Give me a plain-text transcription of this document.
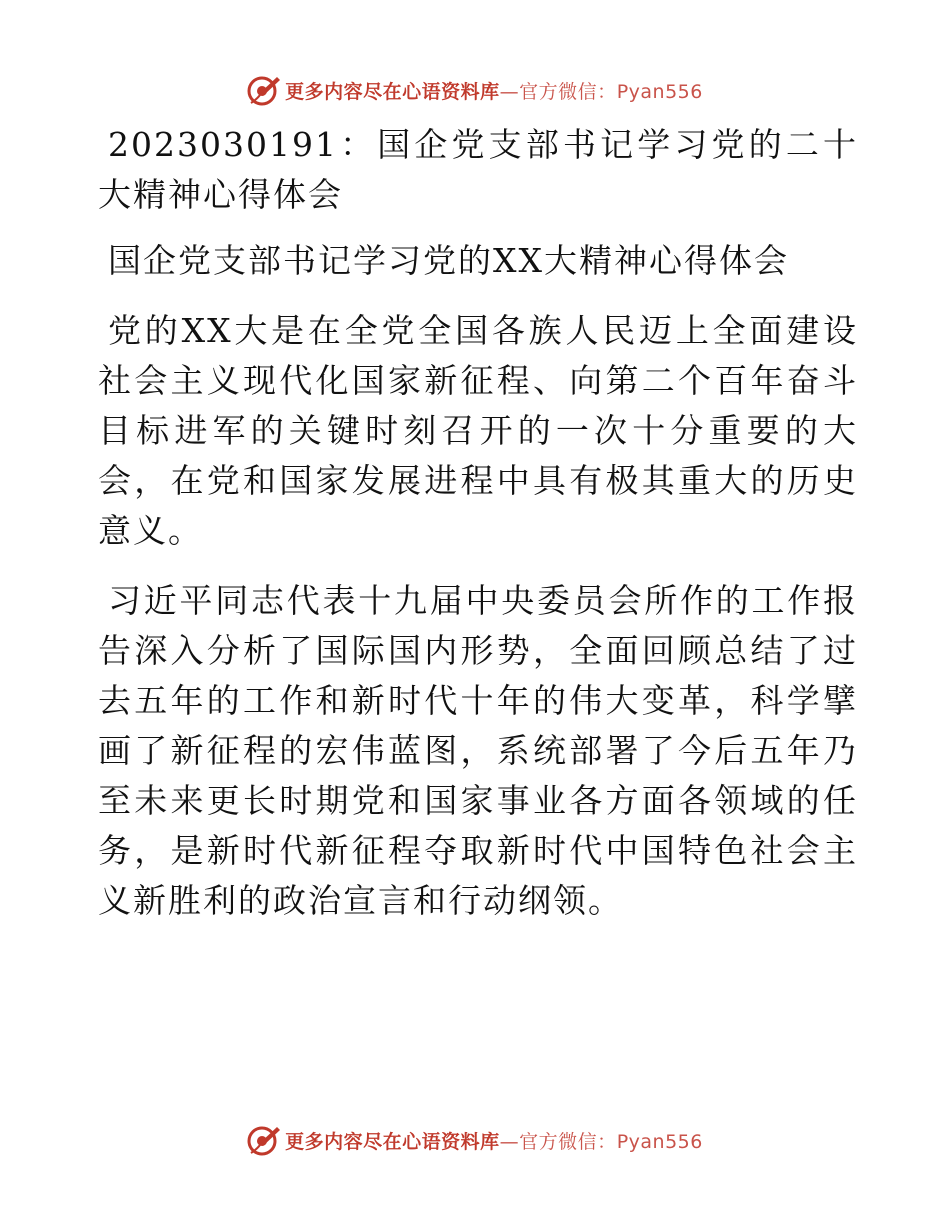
更多内容尽在心语资料库—官方微信：Pyan556

2023030191：国企党支部书记学习党的二十大精神心得体会

国企党支部书记学习党的XX大精神心得体会

党的XX大是在全党全国各族人民迈上全面建设社会主义现代化国家新征程、向第二个百年奋斗目标进军的关键时刻召开的一次十分重要的大会，在党和国家发展进程中具有极其重大的历史意义。

习近平同志代表十九届中央委员会所作的工作报告深入分析了国际国内形势，全面回顾总结了过去五年的工作和新时代十年的伟大变革，科学擘画了新征程的宏伟蓝图，系统部署了今后五年乃至未来更长时期党和国家事业各方面各领域的任务，是新时代新征程夺取新时代中国特色社会主义新胜利的政治宣言和行动纲领。

更多内容尽在心语资料库—官方微信：Pyan556
